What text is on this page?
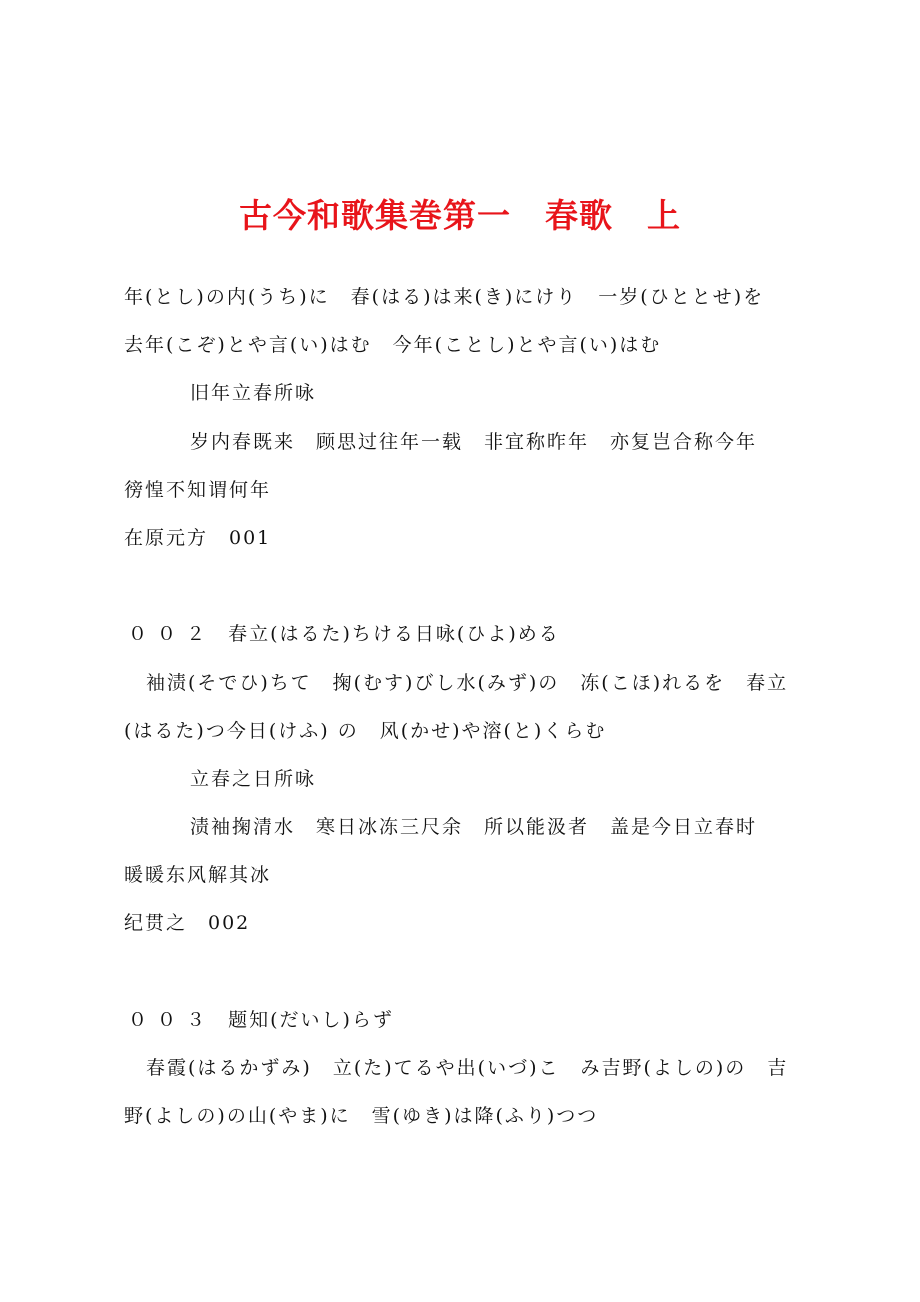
古今和歌集巻第一　春歌　上
年(とし)の内(うち)に　春(はる)は来(き)にけり　一岁(ひととせ)を
去年(こぞ)とや言(い)はむ　今年(ことし)とや言(い)はむ
旧年立春所咏
岁内春既来　顾思过往年一载　非宜称昨年　亦复岂合称今年
徬惶不知谓何年
在原元方　001
０ ０ ２　春立(はるた)ちける日咏(ひよ)める
袖渍(そでひ)ちて　掬(むす)びし水(みず)の　冻(こほ)れるを　春立
(はるた)つ今日(けふ) の　风(かせ)や溶(と)くらむ
立春之日所咏
渍袖掬清水　寒日冰冻三尺余　所以能汲者　盖是今日立春时
暖暖东风解其冰
纪贯之　002
０ ０ ３　题知(だいし)らず
春霞(はるかずみ)　立(た)てるや出(いづ)こ　み吉野(よしの)の　吉
野(よしの)の山(やま)に　雪(ゆき)は降(ふり)つつ
